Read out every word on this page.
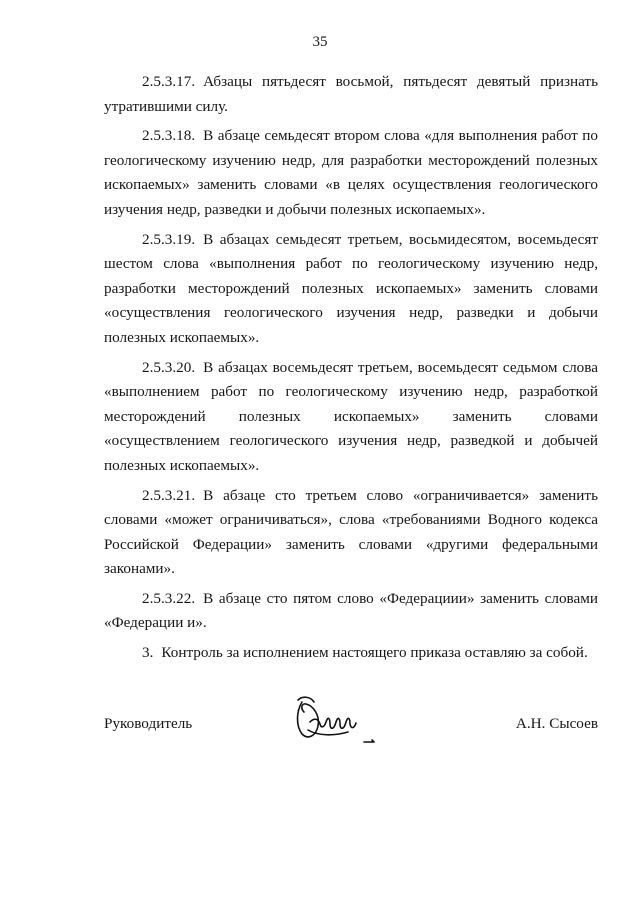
35

2.5.3.17. Абзацы пятьдесят восьмой, пятьдесят девятый признать утратившими силу.

2.5.3.18. В абзаце семьдесят втором слова «для выполнения работ по геологическому изучению недр, для разработки месторождений полезных ископаемых» заменить словами «в целях осуществления геологического изучения недр, разведки и добычи полезных ископаемых».

2.5.3.19. В абзацах семьдесят третьем, восьмидесятом, восемьдесят шестом слова «выполнения работ по геологическому изучению недр, разработки месторождений полезных ископаемых» заменить словами «осуществления геологического изучения недр, разведки и добычи полезных ископаемых».

2.5.3.20. В абзацах восемьдесят третьем, восемьдесят седьмом слова «выполнением работ по геологическому изучению недр, разработкой месторождений полезных ископаемых» заменить словами «осуществлением геологического изучения недр, разведкой и добычей полезных ископаемых».

2.5.3.21. В абзаце сто третьем слово «ограничивается» заменить словами «может ограничиваться», слова «требованиями Водного кодекса Российской Федерации» заменить словами «другими федеральными законами».

2.5.3.22. В абзаце сто пятом слово «Федерациии» заменить словами «Федерации и».

3. Контроль за исполнением настоящего приказа оставляю за собой.

Руководитель	А.Н. Сысоев
